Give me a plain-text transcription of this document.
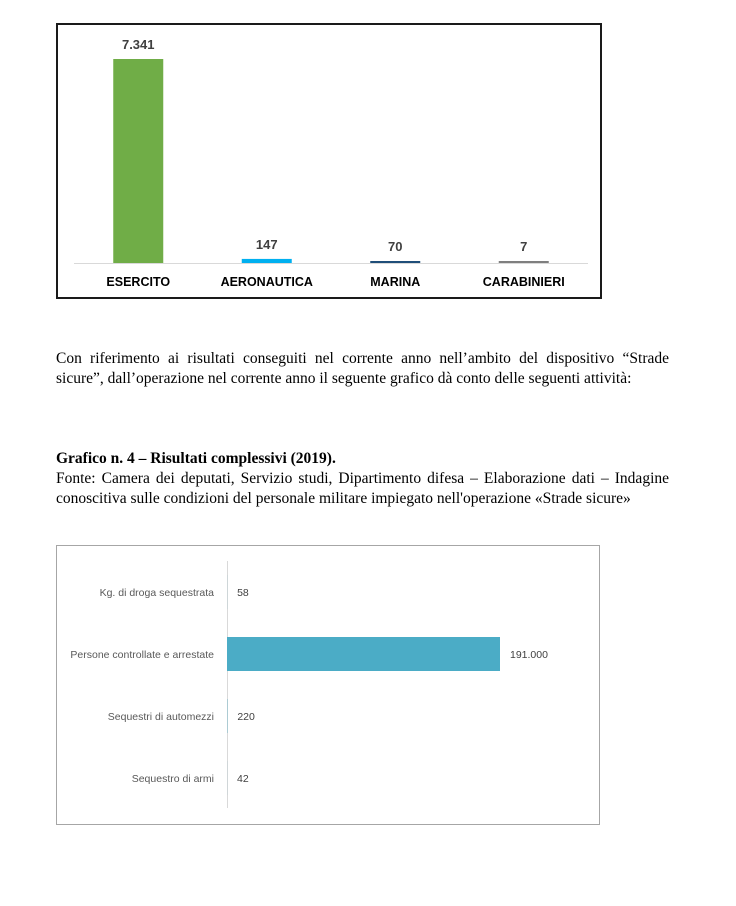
7.341
ESERCITO
147
AERONAUTICA
70
MARINA
7
CARABINIERI

Con riferimento ai risultati conseguiti nel corrente anno nell’ambito del dispositivo “Strade sicure”, dall’operazione nel corrente anno il seguente grafico dà conto delle seguenti attività:

Grafico n. 4 – Risultati complessivi (2019).

Fonte: Camera dei deputati, Servizio studi, Dipartimento difesa – Elaborazione dati – Indagine conoscitiva sulle condizioni del personale militare impiegato nell'operazione «Strade sicure»

Kg. di droga sequestrata 58
Persone controllate e arrestate	191.000
Sequestri di automezzi 220
Sequestro di armi 42
